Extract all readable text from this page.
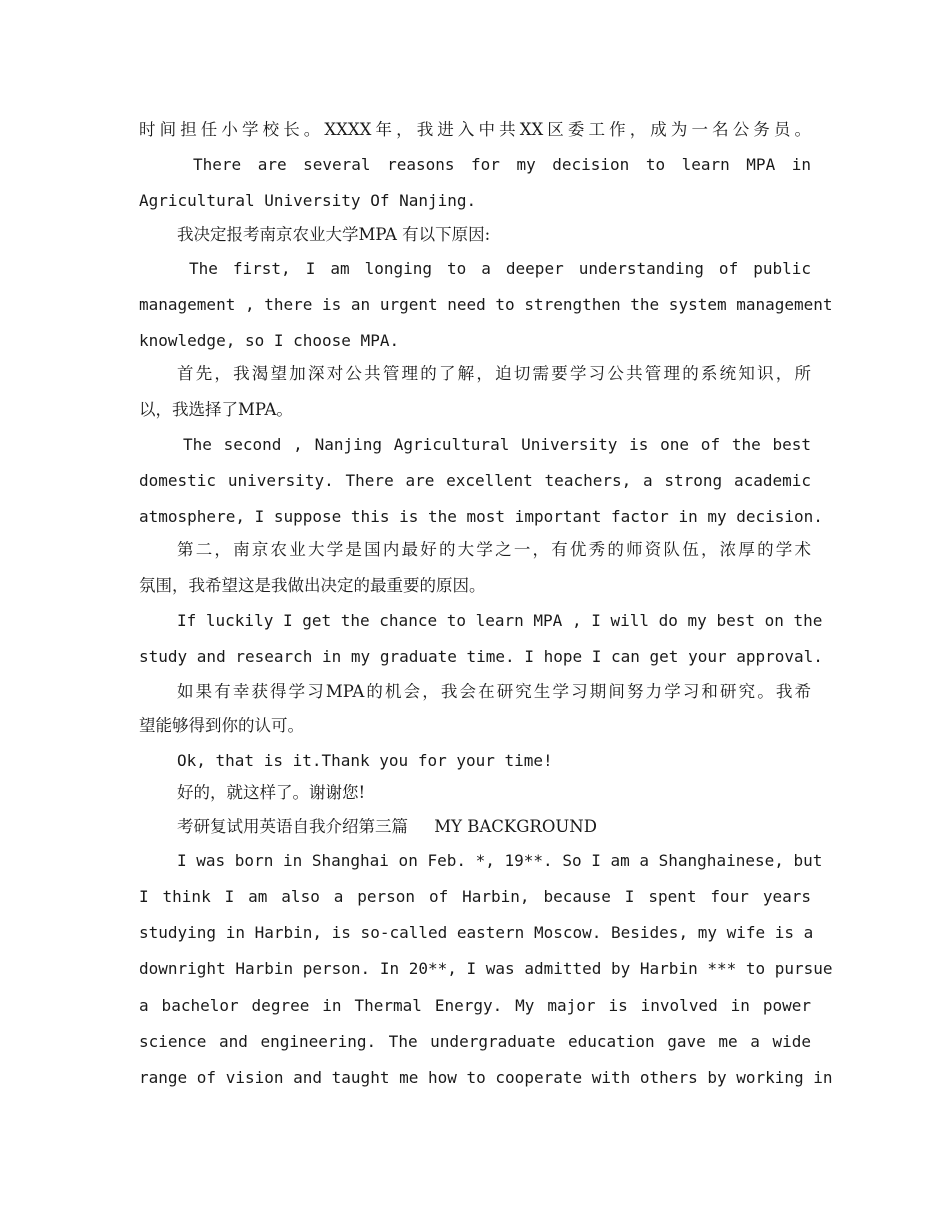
时间担任小学校长。XXXX年，我进入中共XX区委工作，成为一名公务员。
There are several reasons for my decision to learn MPA in
Agricultural University Of Nanjing.
我决定报考南京农业大学MPA 有以下原因:
The first, I am longing to a deeper understanding of public
management , there is an urgent need to strengthen the system management
knowledge, so I choose MPA.
首先，我渴望加深对公共管理的了解，迫切需要学习公共管理的系统知识，所
以，我选择了MPA。
The second , Nanjing Agricultural University is one of the best
domestic university. There are excellent teachers, a strong academic
atmosphere, I suppose this is the most important factor in my decision.
第二，南京农业大学是国内最好的大学之一，有优秀的师资队伍，浓厚的学术
氛围，我希望这是我做出决定的最重要的原因。
If luckily I get the chance to learn MPA , I will do my best on the
study and research in my graduate time. I hope I can get your approval.
如果有幸获得学习MPA的机会，我会在研究生学习期间努力学习和研究。我希
望能够得到你的认可。
Ok, that is it.Thank you for your time!
好的，就这样了。谢谢您!
考研复试用英语自我介绍第三篇     MY BACKGROUND
I was born in Shanghai on Feb. *, 19**. So I am a Shanghainese, but
I think I am also a person of Harbin, because I spent four years
studying in Harbin, is so-called eastern Moscow. Besides, my wife is a
downright Harbin person. In 20**, I was admitted by Harbin *** to pursue
a bachelor degree in Thermal Energy. My major is involved in power
science and engineering. The undergraduate education gave me a wide
range of vision and taught me how to cooperate with others by working in
